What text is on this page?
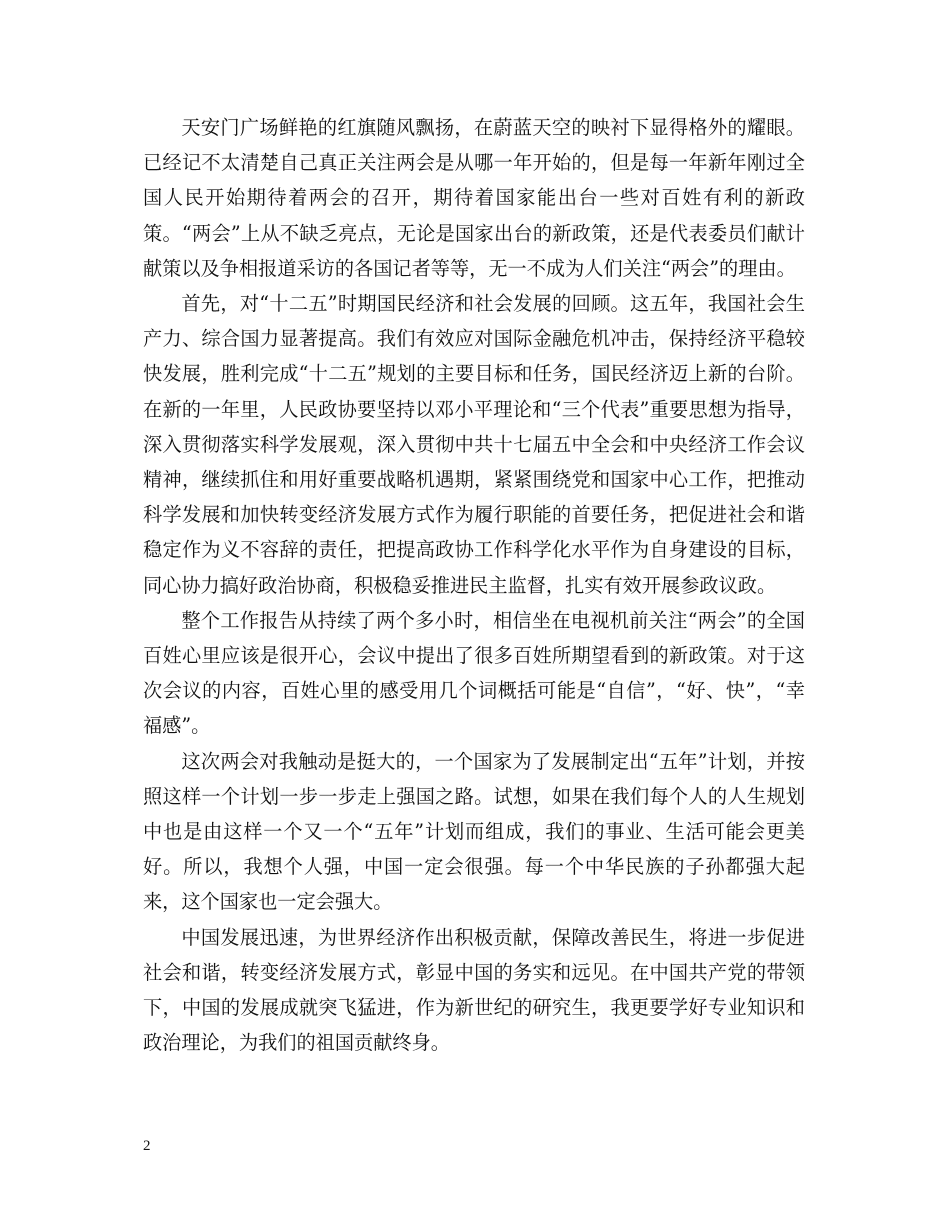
天安门广场鲜艳的红旗随风飘扬，在蔚蓝天空的映衬下显得格外的耀眼。已经记不太清楚自己真正关注两会是从哪一年开始的，但是每一年新年刚过全国人民开始期待着两会的召开，期待着国家能出台一些对百姓有利的新政策。“两会”上从不缺乏亮点，无论是国家出台的新政策，还是代表委员们献计献策以及争相报道采访的各国记者等等，无一不成为人们关注“两会”的理由。

首先，对“十二五”时期国民经济和社会发展的回顾。这五年，我国社会生产力、综合国力显著提高。我们有效应对国际金融危机冲击，保持经济平稳较快发展，胜利完成“十二五”规划的主要目标和任务，国民经济迈上新的台阶。在新的一年里，人民政协要坚持以邓小平理论和“三个代表”重要思想为指导，深入贯彻落实科学发展观，深入贯彻中共十七届五中全会和中央经济工作会议精神，继续抓住和用好重要战略机遇期，紧紧围绕党和国家中心工作，把推动科学发展和加快转变经济发展方式作为履行职能的首要任务，把促进社会和谐稳定作为义不容辞的责任，把提高政协工作科学化水平作为自身建设的目标，同心协力搞好政治协商，积极稳妥推进民主监督，扎实有效开展参政议政。

整个工作报告从持续了两个多小时，相信坐在电视机前关注“两会”的全国百姓心里应该是很开心，会议中提出了很多百姓所期望看到的新政策。对于这次会议的内容，百姓心里的感受用几个词概括可能是“自信”，“好、快”，“幸福感”。

这次两会对我触动是挺大的，一个国家为了发展制定出“五年”计划，并按照这样一个计划一步一步走上强国之路。试想，如果在我们每个人的人生规划中也是由这样一个又一个“五年”计划而组成，我们的事业、生活可能会更美好。所以，我想个人强，中国一定会很强。每一个中华民族的子孙都强大起来，这个国家也一定会强大。

中国发展迅速，为世界经济作出积极贡献，保障改善民生，将进一步促进社会和谐，转变经济发展方式，彰显中国的务实和远见。在中国共产党的带领下，中国的发展成就突飞猛进，作为新世纪的研究生，我更要学好专业知识和政治理论，为我们的祖国贡献终身。

2
